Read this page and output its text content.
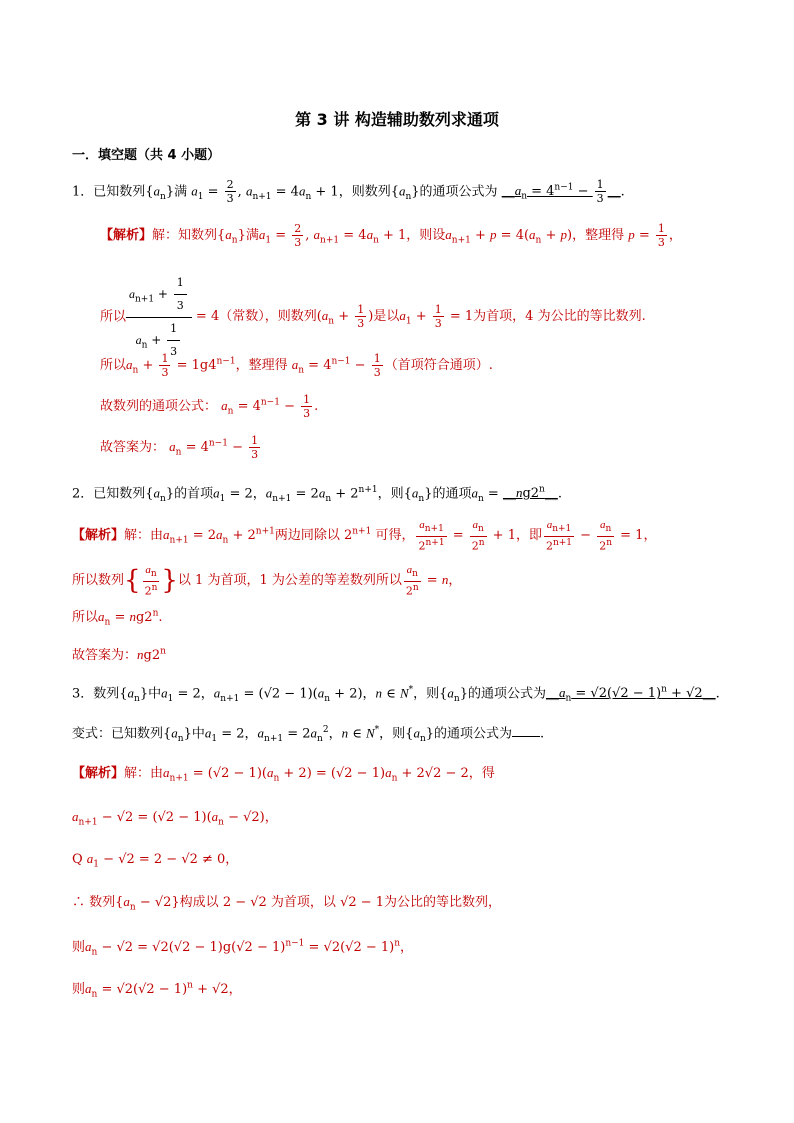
第 3 讲 构造辅助数列求通项
一．填空题（共 4 小题）
1．已知数列$\{a_n\}$满 $a_1 = \frac{2}{3}$ , $a_{n+1} = 4a_n + 1$，则数列$\{a_n\}$的通项公式为 $\_\_a_n = 4^{n-1} - \frac{1}{3}$ __.
【解析】解：知数列$\{a_n\}$满$a_1 = \frac{2}{3}$ , $a_{n+1} = 4a_n + 1$，则设$a_{n+1} + p = 4(a_n + p)$，整理得 $p = \frac{1}{3}$ ，
所以 $\frac{a_{n+1} + \frac{1}{3}}{a_n + \frac{1}{3}} = 4$（常数），则数列($a_n + \frac{1}{3}$ )是以$a_1 + \frac{1}{3} = 1$为首项，4 为公比的等比数列.
所以$a_n + \frac{1}{3} = 1g4^{n-1}$，整理得 $a_n = 4^{n-1} - \frac{1}{3}$ （首项符合通项）.
故数列的通项公式： $a_n = 4^{n-1} - \frac{1}{3}$ .
故答案为： $a_n = 4^{n-1} - \frac{1}{3}$
2．已知数列$\{a_n\}$的首项$a_1 = 2$，$a_{n+1} = 2a_n + 2^{n+1}$，则$\{a_n\}$的通项$a_n$ = $\_\_ng2^n\_\_$.
【解析】解：由$a_{n+1} = 2a_n + 2^{n+1}$两边同除以 $2^{n+1}$ 可得， $\frac{a_{n+1}}{2^{n+1}} = \frac{a_n}{2^n} + 1$，即 $\frac{a_{n+1}}{2^{n+1}} - \frac{a_n}{2^n} = 1$，
所以数列{ $\frac{a_n}{2^n}$ }以 1 为首项，1 为公差的等差数列所以 $\frac{a_n}{2^n} = n$，
所以$a_n = ng2^n$.
故答案为：ng2$^n$
3．数列$\{a_n\}$中$a_1 = 2$，$a_{n+1} = (√2 - 1)(a_n + 2)$，n ∈ N*，则$\{a_n\}$的通项公式为$\_\_a_n = √2(√2 - 1)^n$ + √2__.
变式：已知数列$\{a_n\}$中$a_1 = 2$，$a_{n+1} = 2a_n^2$，n ∈ N*，则$\{a_n\}$的通项公式为 .
【解析】解：由$a_{n+1} = (√2 - 1)(a_n + 2) = (√2 - 1)a_n + 2√2 - 2$，得
$a_{n+1} - √2 = (√2 - 1)(a_n - √2)$，
Q $a_1 - √2 = 2 - √2 \ne 0$，
∴ 数列$\{a_n - √2\}$构成以 2 − √2 为首项，以 √2 − 1为公比的等比数列，
则$a_n - √2 = √2(√2 - 1)g(√2 - 1)^{n-1} = √2(√2 - 1)^n$，
则$a_n = √2(√2 - 1)^n + √2$，
